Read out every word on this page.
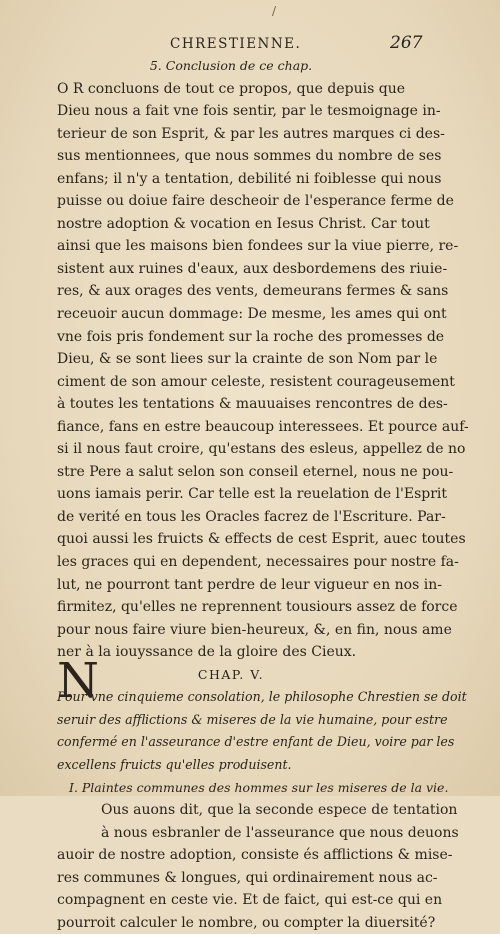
/
CHRESTIENNE.	267
5. Conclusion de ce chap.
O R concluons de tout ce propos, que depuis que
Dieu nous a fait vne fois sentir, par le tesmoignage in-
terieur de son Esprit, & par les autres marques ci des-
sus mentionnees, que nous sommes du nombre de ses
enfans; il n'y a tentation, debilité ni foiblesse qui nous
puisse ou doiue faire descheoir de l'esperance ferme de
nostre adoption & vocation en Iesus Christ. Car tout
ainsi que les maisons bien fondees sur la viue pierre, re-
sistent aux ruines d'eaux, aux desbordemens des riuie-
res, & aux orages des vents, demeurans fermes & sans
receuoir aucun dommage: De mesme, les ames qui ont
vne fois pris fondement sur la roche des promesses de
Dieu, & se sont liees sur la crainte de son Nom par le
ciment de son amour celeste, resistent courageusement
à toutes les tentations & mauuaises rencontres de des-
fiance, fans en estre beaucoup interessees. Et pource auf-
si il nous faut croire, qu'estans des esleus, appellez de no
stre Pere a salut selon son conseil eternel, nous ne pou-
uons iamais perir. Car telle est la reuelation de l'Esprit
de verité en tous les Oracles facrez de l'Escriture. Par-
quoi aussi les fruicts & effects de cest Esprit, auec toutes
les graces qui en dependent, necessaires pour nostre fa-
lut, ne pourront tant perdre de leur vigueur en nos in-
firmitez, qu'elles ne reprennent tousiours assez de force
pour nous faire viure bien-heureux, &, en fin, nous ame
ner à la iouyssance de la gloire des Cieux.
CHAP. V.
Pour vne cinquieme consolation, le philosophe Chrestien se doit
seruir des afflictions & miseres de la vie humaine, pour estre
confermé en l'asseurance d'estre enfant de Dieu, voire par les
excellens fruicts qu'elles produisent.
I. Plaintes communes des hommes sur les miseres de la vie.
Ous auons dit, que la seconde espece de tentation
à nous esbranler de l'asseurance que nous deuons
auoir de nostre adoption, consiste és afflictions & mise-
res communes & longues, qui ordinairement nous ac-
compagnent en ceste vie. Et de faict, qui est-ce qui en
pourroit calculer le nombre, ou compter la diuersité?
N
